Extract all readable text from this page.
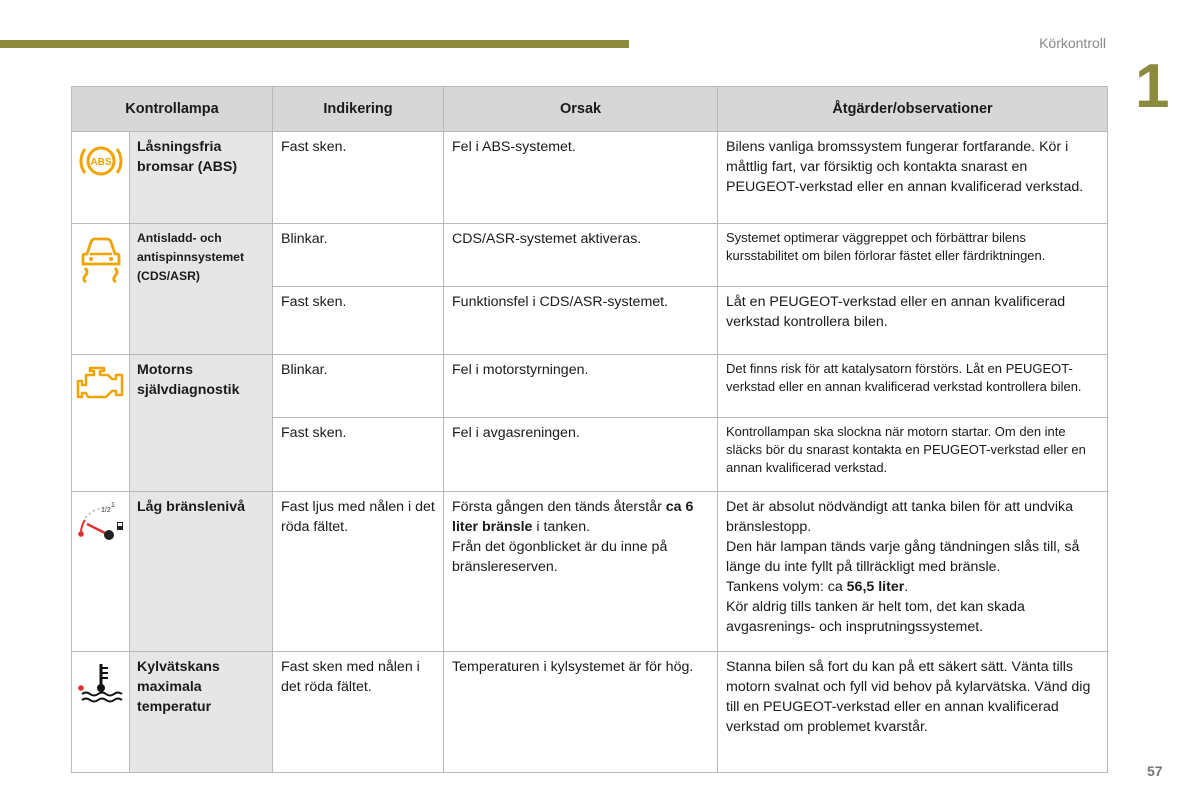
Körkontroll
1
Kontrollampa		Indikering	Orsak	Åtgärder/observationer

ABS	Låsningsfria bromsar (ABS)	Fast sken.	Fel i ABS-systemet.	Bilens vanliga bromssystem fungerar fortfarande. Kör i måttlig fart, var försiktig och kontakta snarast en PEUGEOT-verkstad eller en annan kvalificerad verkstad.
	Antisladd- och antispinnsystemet (CDS/ASR)	Blinkar.	CDS/ASR-systemet aktiveras.	Systemet optimerar väggreppet och förbättrar bilens kursstabilitet om bilen förlorar fästet eller färdriktningen.
		Fast sken.	Funktionsfel i CDS/ASR-systemet.	Låt en PEUGEOT-verkstad eller en annan kvalificerad verkstad kontrollera bilen.
	Motorns självdiagnostik	Blinkar.	Fel i motorstyrningen.	Det finns risk för att katalysatorn förstörs. Låt en PEUGEOT-verkstad eller en annan kvalificerad verkstad kontrollera bilen.
		Fast sken.	Fel i avgasreningen.	Kontrollampan ska slockna när motorn startar. Om den inte släcks bör du snarast kontakta en PEUGEOT-verkstad eller en annan kvalificerad verkstad.

1/2
1	Låg bränslenivå	Fast ljus med nålen i det röda fältet.	Första gången den tänds återstår ca 6 liter bränsle i tanken.
Från det ögonblicket är du inne på bränslereserven.	Det är absolut nödvändigt att tanka bilen för att undvika bränslestopp.
Den här lampan tänds varje gång tändningen slås till, så länge du inte fyllt på tillräckligt med bränsle.
Tankens volym: ca 56,5 liter.
Kör aldrig tills tanken är helt tom, det kan skada avgasrenings- och insprutningssystemet.
	Kylvätskans maximala temperatur	Fast sken med nålen i det röda fältet.	Temperaturen i kylsystemet är för hög.	Stanna bilen så fort du kan på ett säkert sätt. Vänta tills motorn svalnat och fyll vid behov på kylarvätska. Vänd dig till en PEUGEOT-verkstad eller en annan kvalificerad verkstad om problemet kvarstår.
57
